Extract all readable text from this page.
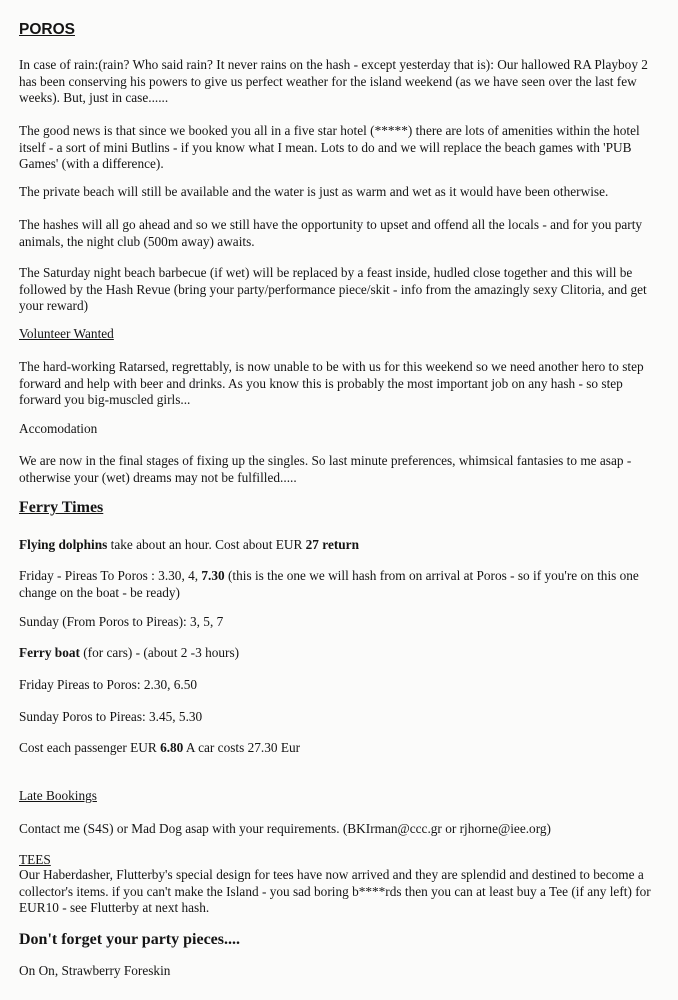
POROS

In case of rain:(rain? Who said rain? It never rains on the hash - except yesterday that is): Our hallowed RA Playboy 2 has been conserving his powers to give us perfect weather for the island weekend (as we have seen over the last few weeks). But, just in case......

The good news is that since we booked you all in a five star hotel (*****) there are lots of amenities within the hotel itself - a sort of mini Butlins - if you know what I mean. Lots to do and we will replace the beach games with 'PUB Games' (with a difference).

The private beach will still be available and the water is just as warm and wet as it would have been otherwise.

The hashes will all go ahead and so we still have the opportunity to upset and offend all the locals - and for you party animals, the night club (500m away) awaits.

The Saturday night beach barbecue (if wet) will be replaced by a feast inside, hudled close together and this will be followed by the Hash Revue (bring your party/performance piece/skit - info from the amazingly sexy Clitoria, and get your reward)

Volunteer Wanted

The hard-working Ratarsed, regrettably, is now unable to be with us for this weekend so we need another hero to step forward and help with beer and drinks. As you know this is probably the most important job on any hash - so step forward you big-muscled girls...

Accomodation

We are now in the final stages of fixing up the singles. So last minute preferences, whimsical fantasies to me asap - otherwise your (wet) dreams may not be fulfilled.....

Ferry Times

Flying dolphins take about an hour. Cost about EUR 27 return

Friday - Pireas To Poros : 3.30, 4, 7.30 (this is the one we will hash from on arrival at Poros - so if you're on this one change on the boat - be ready)

Sunday (From Poros to Pireas): 3, 5, 7

Ferry boat (for cars) - (about 2 -3 hours)

Friday Pireas to Poros: 2.30, 6.50

Sunday Poros to Pireas: 3.45, 5.30

Cost each passenger EUR 6.80 A car costs 27.30 Eur

Late Bookings

Contact me (S4S) or Mad Dog asap with your requirements. (BKIrman@ccc.gr or rjhorne@iee.org)

TEES

Our Haberdasher, Flutterby's special design for tees have now arrived and they are splendid and destined to become a collector's items. if you can't make the Island - you sad boring b****rds then you can at least buy a Tee (if any left) for EUR10 - see Flutterby at next hash.

Don't forget your party pieces....

On On, Strawberry Foreskin
